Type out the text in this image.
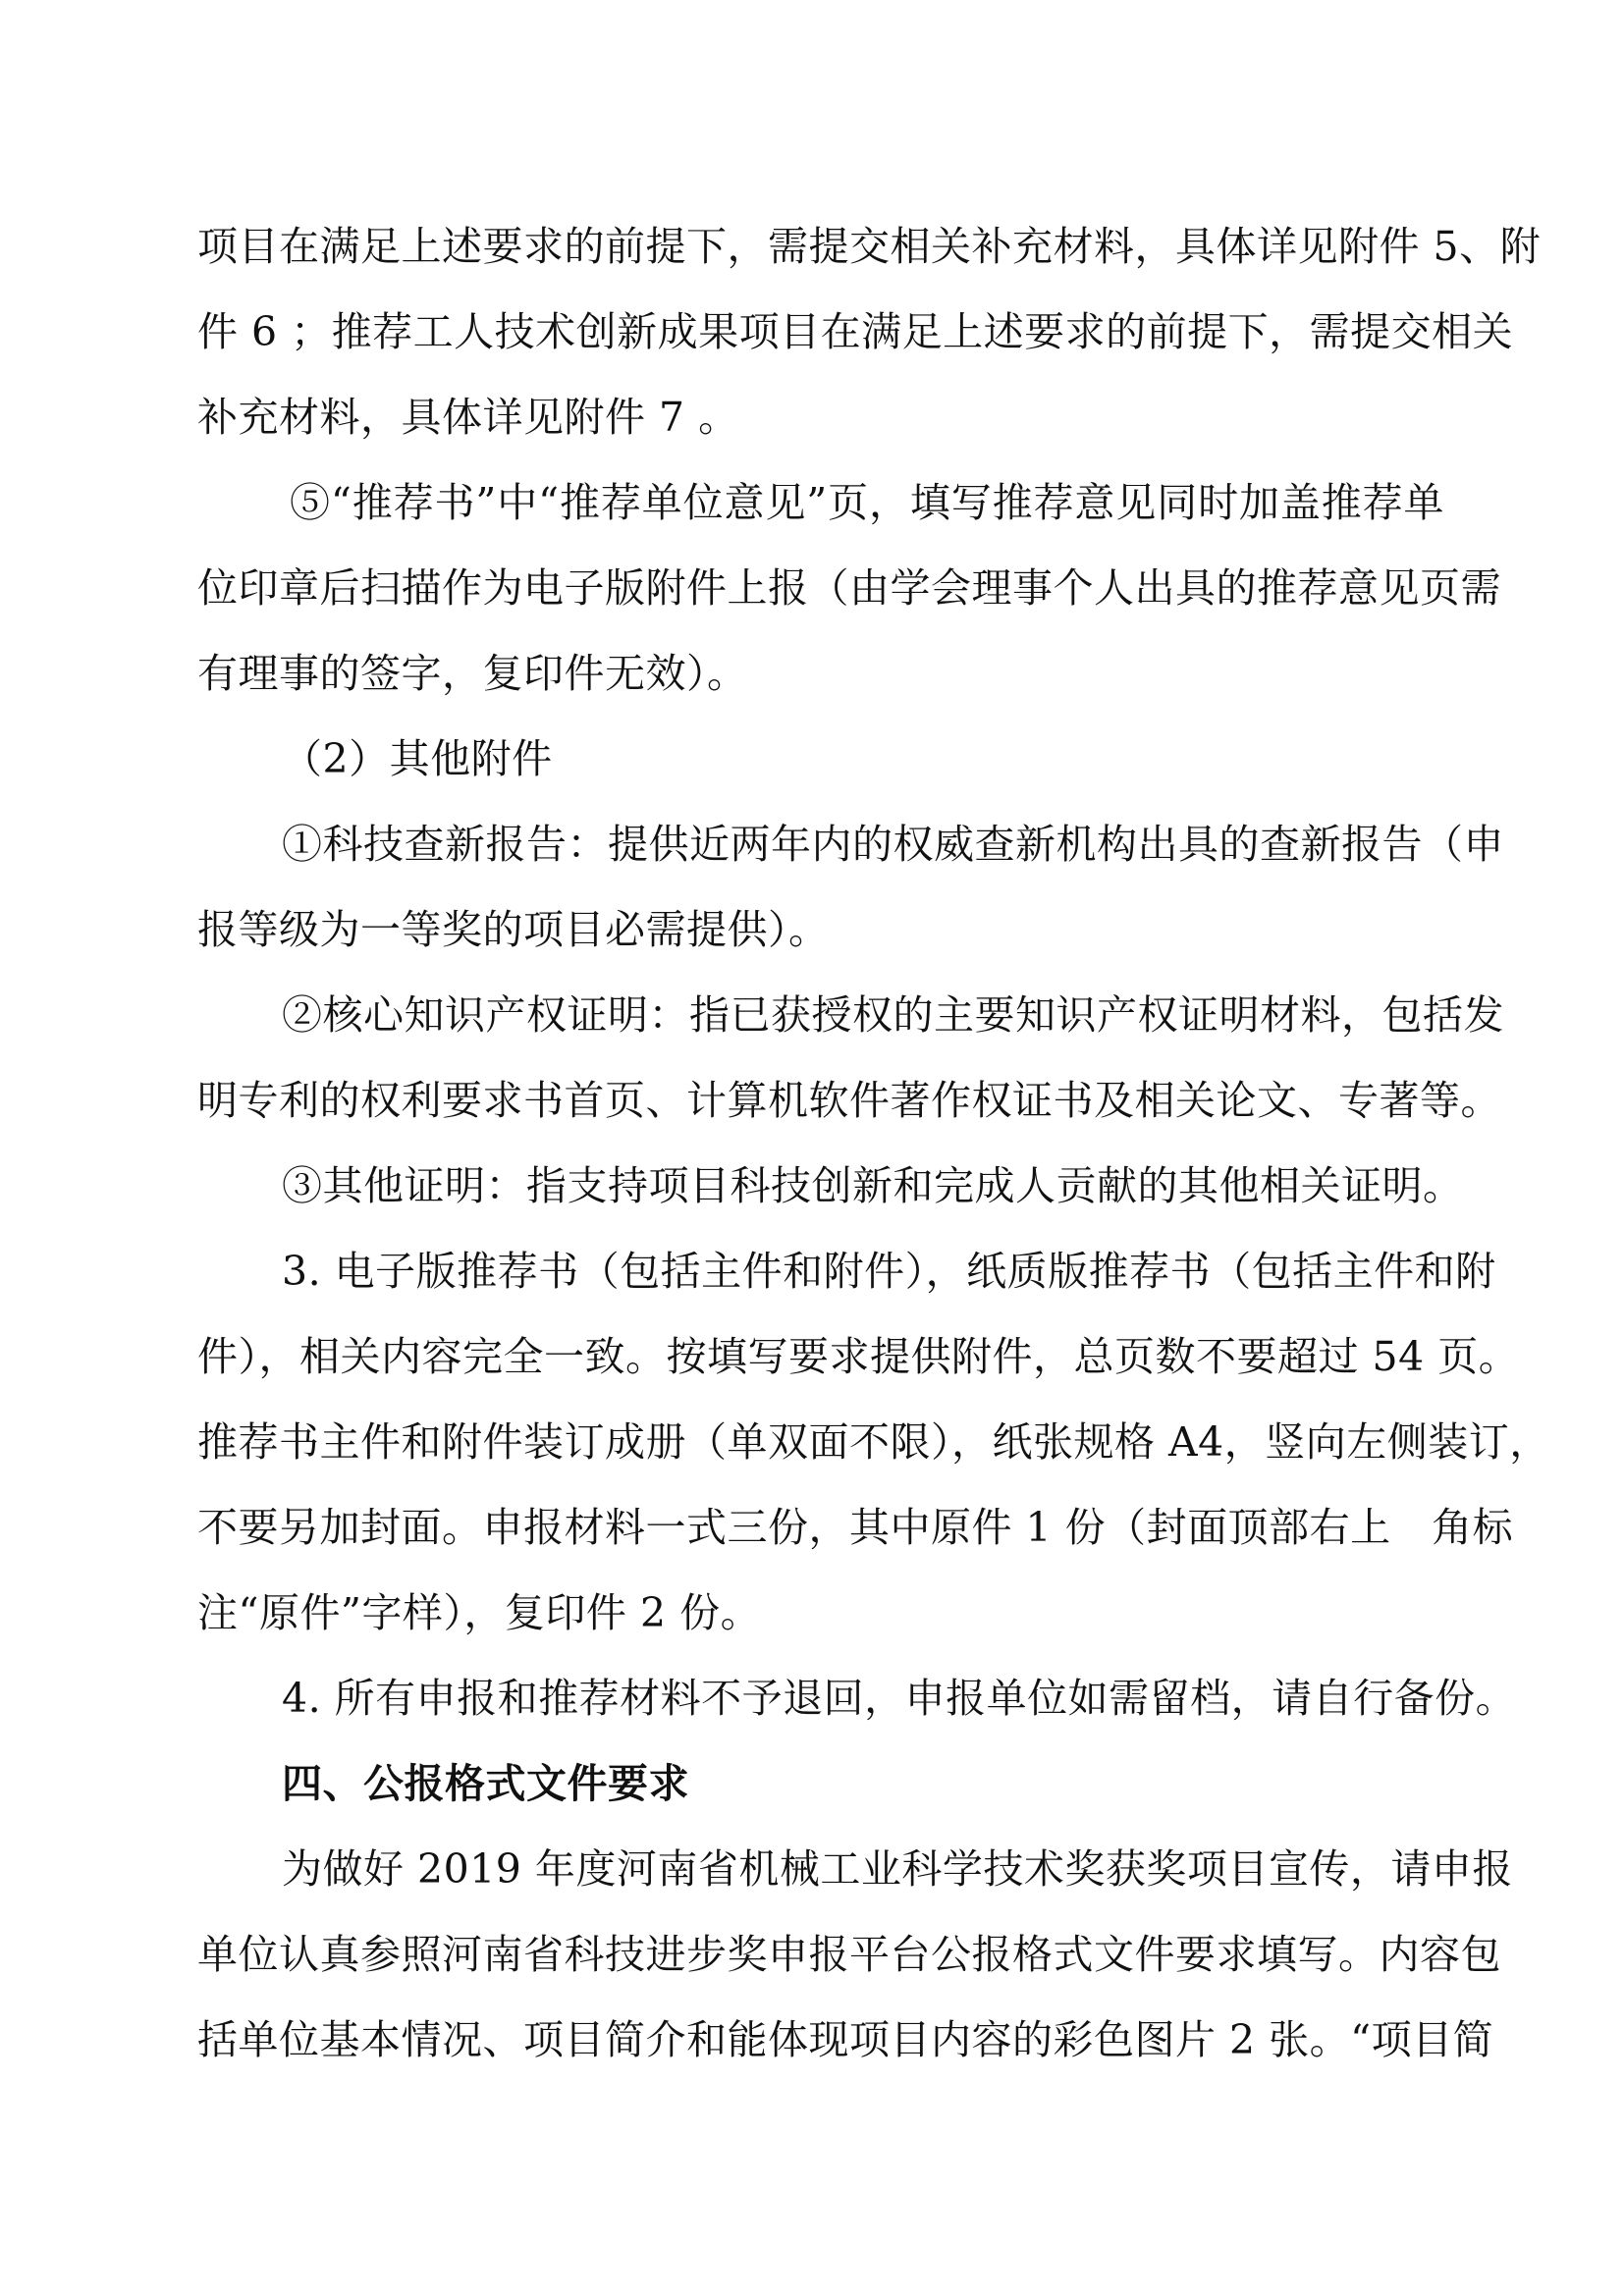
项目在满足上述要求的前提下，需提交相关补充材料，具体详见附件 5、附
件 6 ；推荐工人技术创新成果项目在满足上述要求的前提下，需提交相关
补充材料，具体详见附件 7 。
⑤“推荐书”中“推荐单位意见”页，填写推荐意见同时加盖推荐单
位印章后扫描作为电子版附件上报（由学会理事个人出具的推荐意见页需
有理事的签字，复印件无效）。
（2）其他附件
①科技查新报告：提供近两年内的权威查新机构出具的查新报告（申
报等级为一等奖的项目必需提供）。
②核心知识产权证明：指已获授权的主要知识产权证明材料，包括发
明专利的权利要求书首页、计算机软件著作权证书及相关论文、专著等。
③其他证明：指支持项目科技创新和完成人贡献的其他相关证明。
3. 电子版推荐书（包括主件和附件），纸质版推荐书（包括主件和附
件），相关内容完全一致。按填写要求提供附件，总页数不要超过 54 页。
推荐书主件和附件装订成册（单双面不限），纸张规格 A4，竖向左侧装订，
不要另加封面。申报材料一式三份，其中原件 1 份（封面顶部右上　角标
注“原件”字样），复印件 2 份。
4. 所有申报和推荐材料不予退回，申报单位如需留档，请自行备份。
四、公报格式文件要求
为做好 2019 年度河南省机械工业科学技术奖获奖项目宣传，请申报
单位认真参照河南省科技进步奖申报平台公报格式文件要求填写。内容包
括单位基本情况、项目简介和能体现项目内容的彩色图片 2 张。“项目简
